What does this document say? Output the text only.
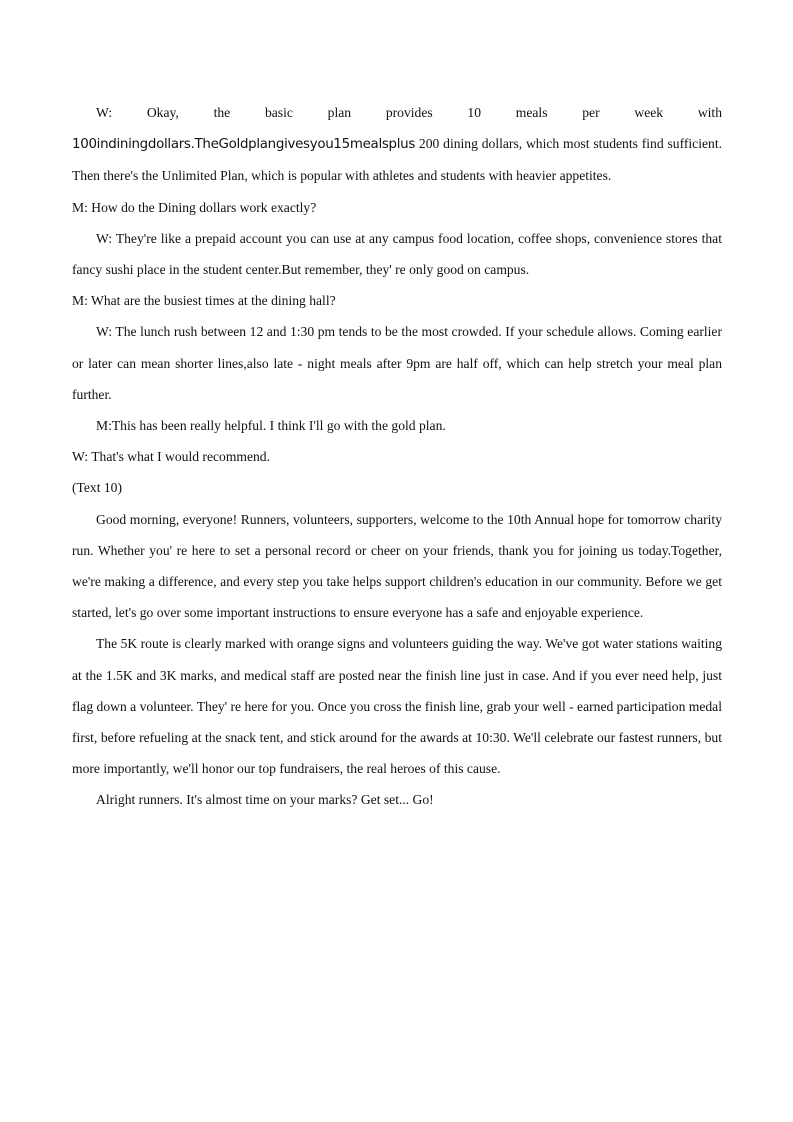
W: Okay, the basic plan provides 10 meals per week with 100indiningdollars.TheGoldplangivesyou15mealsplus 200 dining dollars, which most students find sufficient. Then there's the Unlimited Plan, which is popular with athletes and students with heavier appetites.

M: How do the Dining dollars work exactly?

W: They're like a prepaid account you can use at any campus food location, coffee shops, convenience stores that fancy sushi place in the student center.But remember, they' re only good on campus.

M: What are the busiest times at the dining hall?

W: The lunch rush between 12 and 1:30 pm tends to be the most crowded. If your schedule allows. Coming earlier or later can mean shorter lines,also late - night meals after 9pm are half off, which can help stretch your meal plan further.

M:This has been really helpful. I think I'll go with the gold plan.

W: That's what I would recommend.

(Text 10)

Good morning, everyone! Runners, volunteers, supporters, welcome to the 10th Annual hope for tomorrow charity run. Whether you' re here to set a personal record or cheer on your friends, thank you for joining us today.Together, we're making a difference, and every step you take helps support children's education in our community. Before we get started, let's go over some important instructions to ensure everyone has a safe and enjoyable experience.

The 5K route is clearly marked with orange signs and volunteers guiding the way. We've got water stations waiting at the 1.5K and 3K marks, and medical staff are posted near the finish line just in case. And if you ever need help, just flag down a volunteer. They' re here for you. Once you cross the finish line, grab your well - earned participation medal first, before refueling at the snack tent, and stick around for the awards at 10:30. We'll celebrate our fastest runners, but more importantly, we'll honor our top fundraisers, the real heroes of this cause.

Alright runners. It's almost time on your marks? Get set... Go!
